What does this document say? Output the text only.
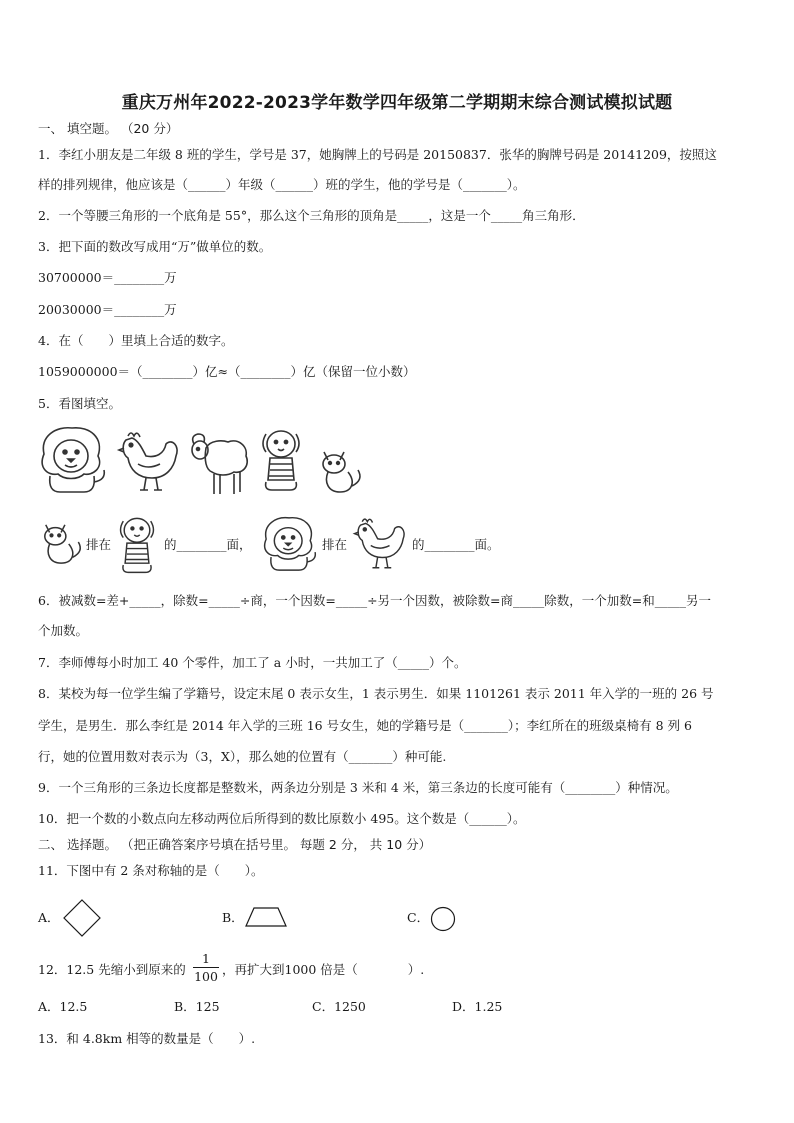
重庆万州年2022-2023学年数学四年级第二学期期末综合测试模拟试题
一、 填空题。 （20 分）
1．李红小朋友是二年级 8 班的学生，学号是 37，她胸牌上的号码是 20150837．张华的胸牌号码是 20141209，按照这
样的排列规律，他应该是（______）年级（______）班的学生，他的学号是（_______）。
2．一个等腰三角形的一个底角是 55°，那么这个三角形的顶角是_____，这是一个_____角三角形．
3．把下面的数改写成用“万”做单位的数。
30700000＝________万
20030000＝________万
4．在（　　）里填上合适的数字。
1059000000＝（________）亿≈（________）亿（保留一位小数）
5．看图填空。
排在	的________面，	排在	的________面。
6．被减数=差+_____，除数=_____÷商，一个因数=_____÷另一个因数，被除数=商_____除数，一个加数=和_____另一
个加数。
7．李师傅每小时加工 40 个零件，加工了 a 小时，一共加工了（_____）个。
8．某校为每一位学生编了学籍号，设定末尾 0 表示女生，1 表示男生．如果 1101261 表示 2011 年入学的一班的 26 号
学生，是男生．那么李红是 2014 年入学的三班 16 号女生，她的学籍号是（_______）；李红所在的班级桌椅有 8 列 6
行，她的位置用数对表示为（3，X），那么她的位置有（_______）种可能.
9．一个三角形的三条边长度都是整数米，两条边分别是 3 米和 4 米，第三条边的长度可能有（________）种情况。
10．把一个数的小数点向左移动两位后所得到的数比原数小 495。这个数是（______）。
二、 选择题。 （把正确答案序号填在括号里。 每题 2 分， 共 10 分）
11．下图中有 2 条对称轴的是（　　）。
A．	B．	C．
12．12.5 先缩小到原来的 $\frac{1}{100}$ ，再扩大到1000 倍是（　　　　）.
A．12.5	B．125	C．1250	D．1.25
13．和 4.8km 相等的数量是（　　）.
